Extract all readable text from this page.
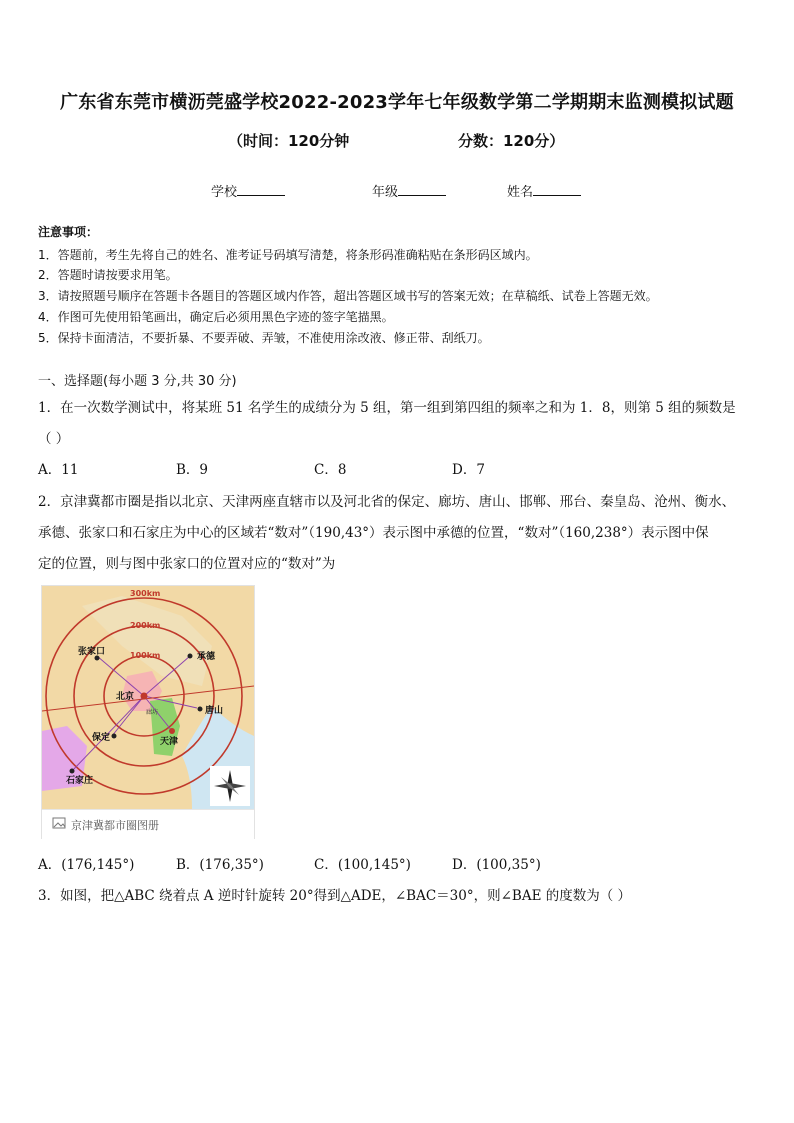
广东省东莞市横沥莞盛学校2022-2023学年七年级数学第二学期期末监测模拟试题
（时间：120分钟	分数：120分）
学校	年级	姓名
注意事项：
1．答题前，考生先将自己的姓名、准考证号码填写清楚，将条形码准确粘贴在条形码区域内。
2．答题时请按要求用笔。
3．请按照题号顺序在答题卡各题目的答题区域内作答，超出答题区域书写的答案无效；在草稿纸、试卷上答题无效。
4．作图可先使用铅笔画出，确定后必须用黑色字迹的签字笔描黑。
5．保持卡面清洁，不要折暴、不要弄破、弄皱，不准使用涂改液、修正带、刮纸刀。
一、选择题(每小题 3 分,共 30 分)
1．在一次数学测试中，将某班 51 名学生的成绩分为 5 组，第一组到第四组的频率之和为 1．8，则第 5 组的频数是
（ ）
A．11	B．9	C．8	D．7
2．京津冀都市圈是指以北京、天津两座直辖市以及河北省的保定、廊坊、唐山、邯郸、邢台、秦皇岛、沧州、衡水、
承德、张家口和石家庄为中心的区域若“数对”（190,43°）表示图中承德的位置，“数对”（160,238°）表示图中保
定的位置，则与图中张家口的位置对应的“数对”为
300km
200km
100km
张家口	承德
北京
唐山
保定	天津
石家庄
廊坊
京津冀都市圈图册
A．(176,145°)	B．(176,35°)	C．(100,145°)	D．(100,35°)
3．如图，把△ABC 绕着点 A 逆时针旋转 20°得到△ADE，∠BAC＝30°，则∠BAE 的度数为（ ）
